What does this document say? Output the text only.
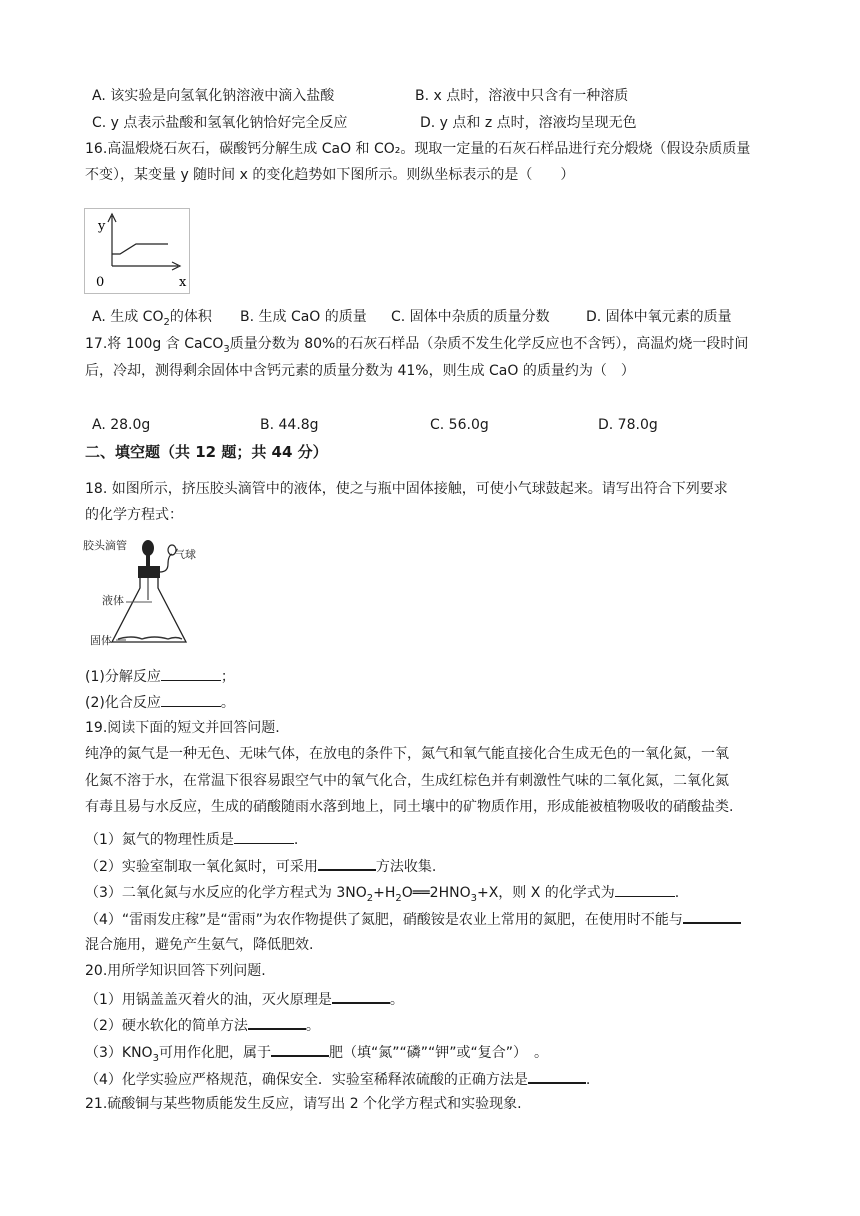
A. 该实验是向氢氧化钠溶液中滴入盐酸	B. x 点时，溶液中只含有一种溶质
C. y 点表示盐酸和氢氧化钠恰好完全反应	D. y 点和 z 点时，溶液均呈现无色
16.高温煅烧石灰石，碳酸钙分解生成 CaO 和 CO₂。现取一定量的石灰石样品进行充分煅烧（假设杂质质量
不变），某变量 y 随时间 x 的变化趋势如下图所示。则纵坐标表示的是（　　）
y
x
0
A. 生成 $CO_2$的体积 B. 生成 CaO 的质量 C. 固体中杂质的质量分数	D. 固体中氧元素的质量
17.将 100g 含 CaCO$_3$质量分数为 80%的石灰石样品（杂质不发生化学反应也不含钙），高温灼烧一段时间
后，冷却，测得剩余固体中含钙元素的质量分数为 41%，则生成 CaO 的质量约为（　）
A. 28.0g	B. 44.8g	C. 56.0g	D. 78.0g
二、填空题（共 12 题；共 44 分）
18. 如图所示，挤压胶头滴管中的液体，使之与瓶中固体接触，可使小气球鼓起来。请写出符合下列要求
的化学方程式：
胶头滴管
气球
液体
固体
(1)分解反应	；
(2)化合反应	。
19.阅读下面的短文并回答问题.
纯净的氮气是一种无色、无味气体，在放电的条件下，氮气和氧气能直接化合生成无色的一氧化氮，一氧
化氮不溶于水，在常温下很容易跟空气中的氧气化合，生成红棕色并有刺激性气味的二氧化氮，二氧化氮
有毒且易与水反应，生成的硝酸随雨水落到地上，同土壤中的矿物质作用，形成能被植物吸收的硝酸盐类.
（1）氮气的物理性质是	.
（2）实验室制取一氧化氮时，可采用	方法收集.
（3）二氧化氮与水反应的化学方程式为 $3NO_2+H_2O══2HNO_3+X$，则 X 的化学式为	.
（4）“雷雨发庄稼”是“雷雨”为农作物提供了氮肥，硝酸铵是农业上常用的氮肥，在使用时不能与
混合施用，避免产生氨气，降低肥效.
20.用所学知识回答下列问题.
（1）用锅盖盖灭着火的油，灭火原理是	。
（2）硬水软化的简单方法	。
$(3)KNO_3$可用作化肥，属于	肥（填“氮”“磷”“钾”或“复合”）　。
（4）化学实验应严格规范，确保安全．实验室稀释浓硫酸的正确方法是	.
21.硫酸铜与某些物质能发生反应，请写出 2 个化学方程式和实验现象.
